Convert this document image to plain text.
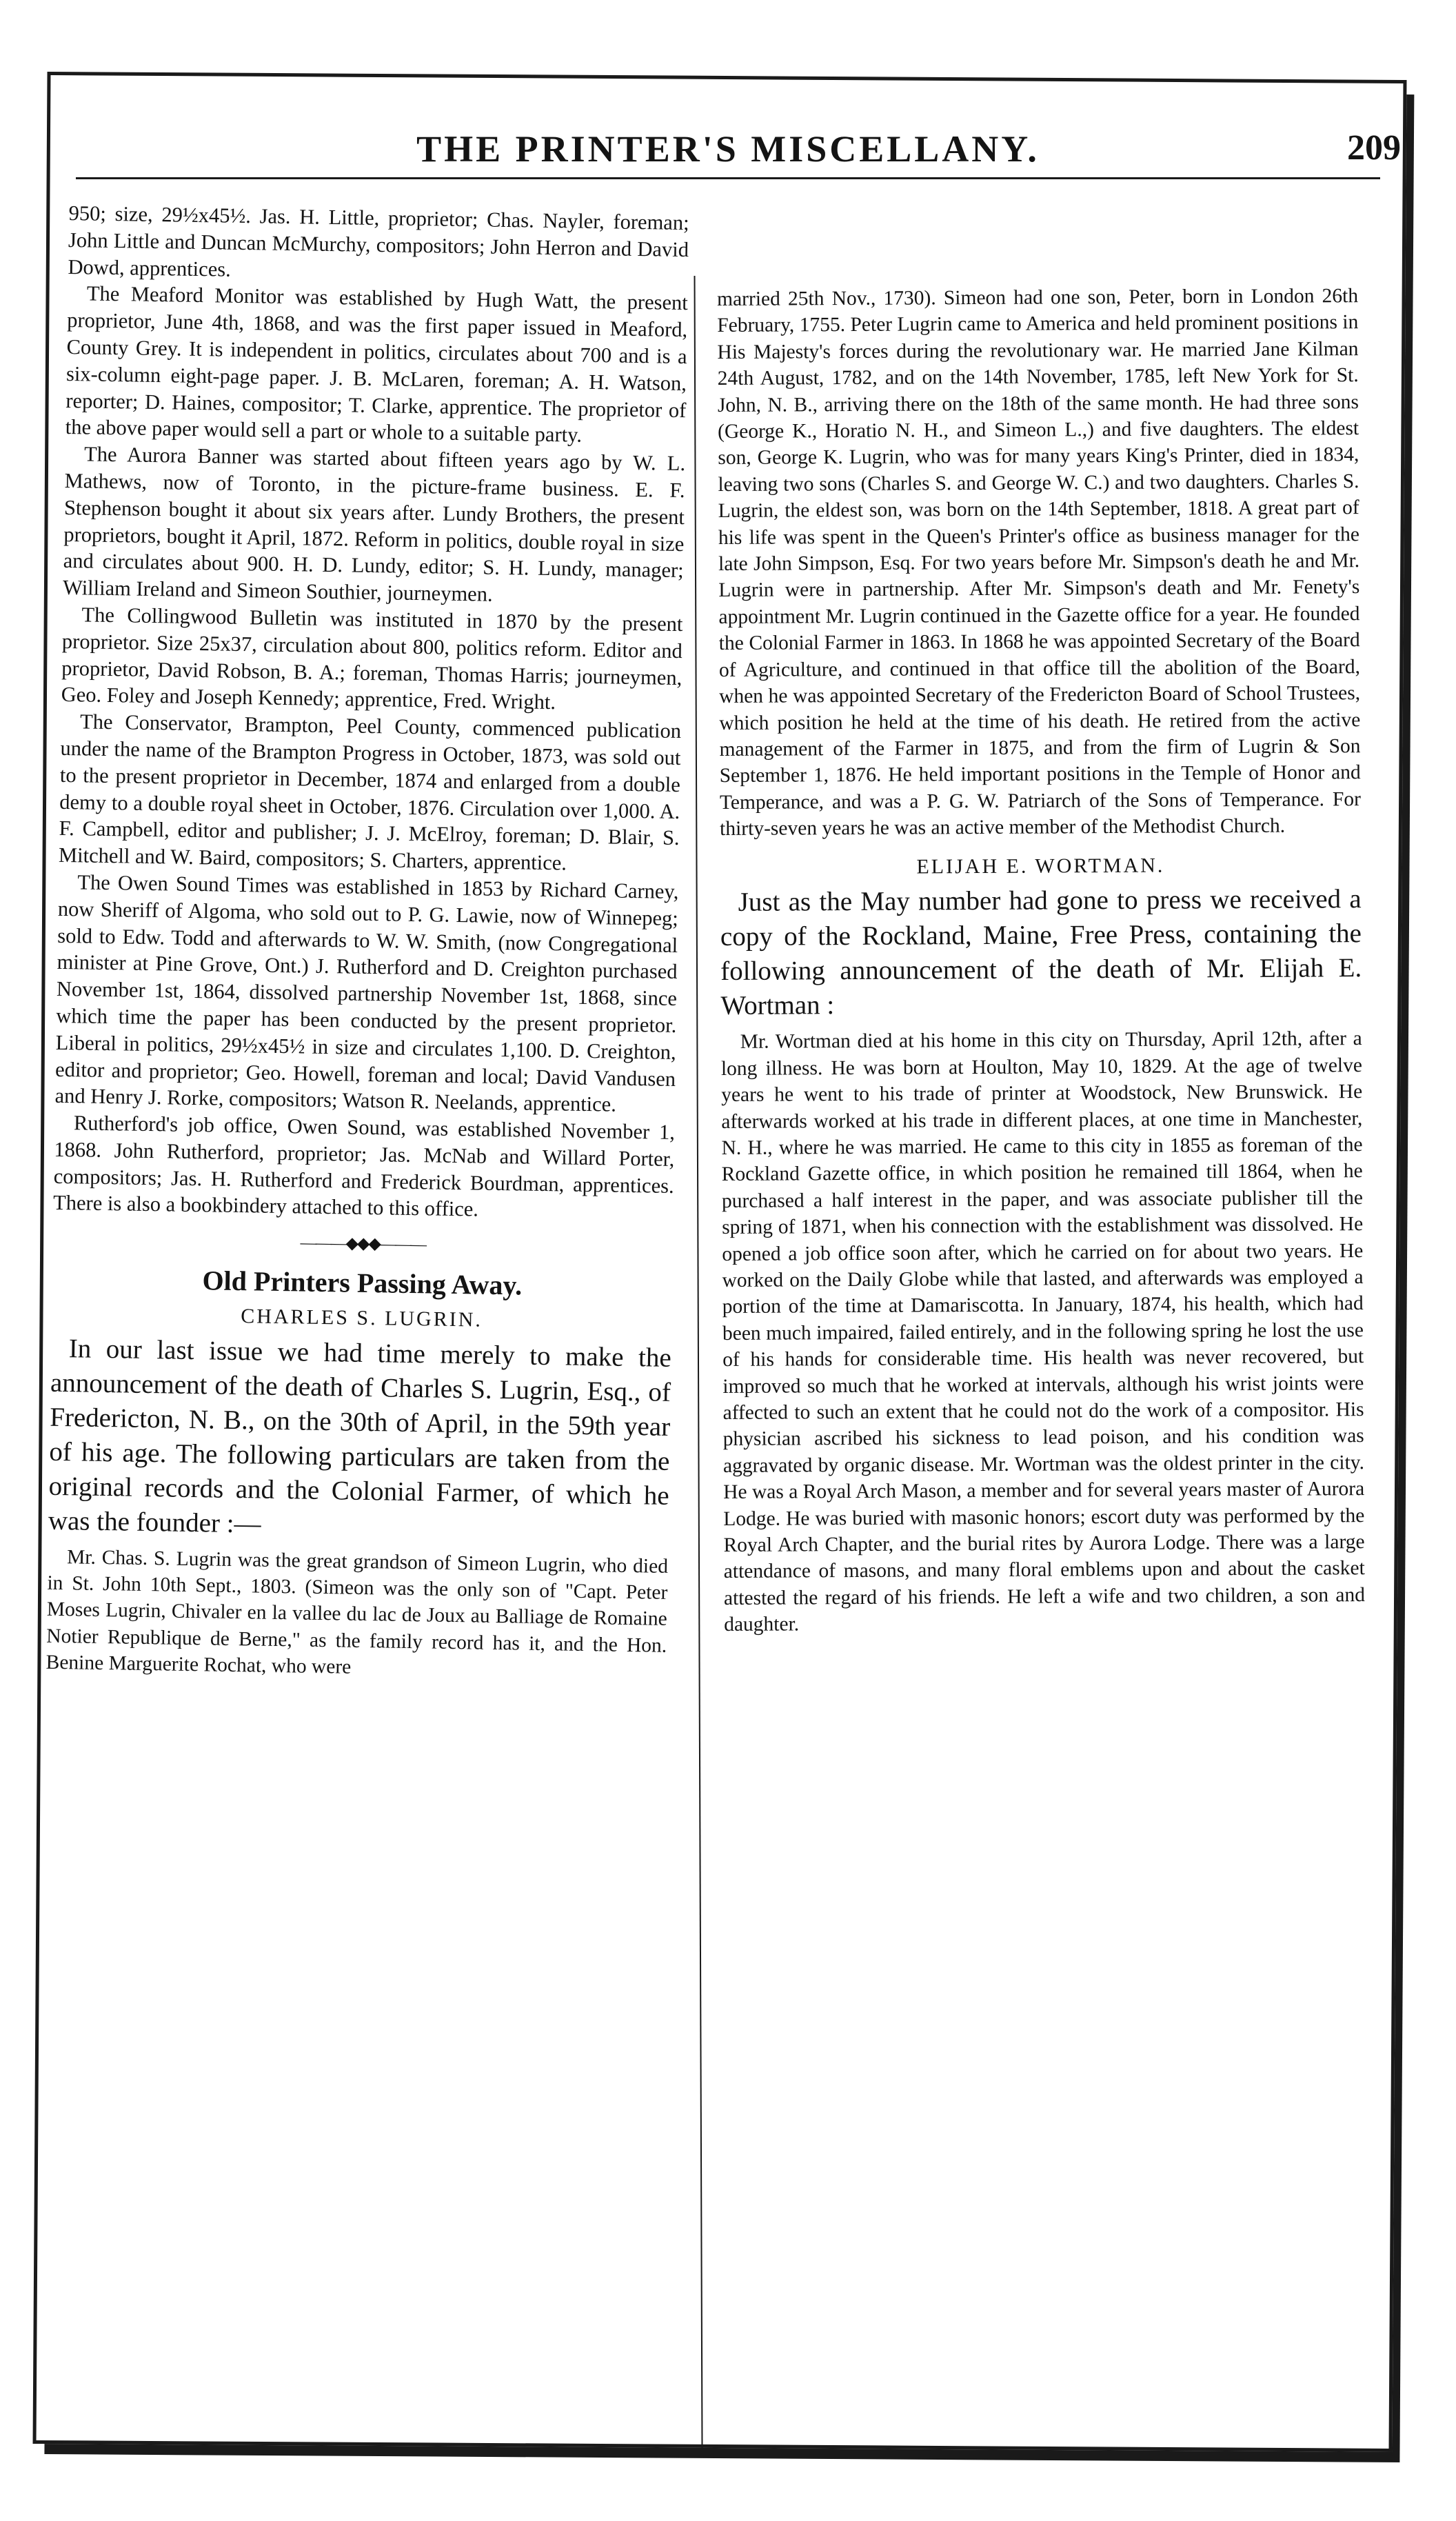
THE PRINTER'S MISCELLANY.	209

950; size, 29½x45½. Jas. H. Little, proprietor; Chas. Nayler, foreman; John Little and Duncan McMurchy, compositors; John Herron and David Dowd, apprentices.

The Meaford Monitor was established by Hugh Watt, the present proprietor, June 4th, 1868, and was the first paper issued in Meaford, County Grey. It is independent in politics, circulates about 700 and is a six-column eight-page paper. J. B. McLaren, foreman; A. H. Watson, reporter; D. Haines, compositor; T. Clarke, apprentice. The proprietor of the above paper would sell a part or whole to a suitable party.

The Aurora Banner was started about fifteen years ago by W. L. Mathews, now of Toronto, in the picture-frame business. E. F. Stephenson bought it about six years after. Lundy Brothers, the present proprietors, bought it April, 1872. Reform in politics, double royal in size and circulates about 900. H. D. Lundy, editor; S. H. Lundy, manager; William Ireland and Simeon Southier, journeymen.

The Collingwood Bulletin was instituted in 1870 by the present proprietor. Size 25x37, circulation about 800, politics reform. Editor and proprietor, David Robson, B. A.; foreman, Thomas Harris; journeymen, Geo. Foley and Joseph Kennedy; apprentice, Fred. Wright.

The Conservator, Brampton, Peel County, commenced publication under the name of the Brampton Progress in October, 1873, was sold out to the present proprietor in December, 1874 and enlarged from a double demy to a double royal sheet in October, 1876. Circulation over 1,000. A. F. Campbell, editor and publisher; J. J. McElroy, foreman; D. Blair, S. Mitchell and W. Baird, compositors; S. Charters, apprentice.

The Owen Sound Times was established in 1853 by Richard Carney, now Sheriff of Algoma, who sold out to P. G. Lawie, now of Winnepeg; sold to Edw. Todd and afterwards to W. W. Smith, (now Congregational minister at Pine Grove, Ont.) J. Rutherford and D. Creighton purchased November 1st, 1864, dissolved partnership November 1st, 1868, since which time the paper has been conducted by the present proprietor. Liberal in politics, 29½x45½ in size and circulates 1,100. D. Creighton, editor and proprietor; Geo. Howell, foreman and local; David Vandusen and Henry J. Rorke, compositors; Watson R. Neelands, apprentice.

Rutherford's job office, Owen Sound, was established November 1, 1868. John Rutherford, proprietor; Jas. McNab and Willard Porter, compositors; Jas. H. Rutherford and Frederick Bourdman, apprentices. There is also a bookbindery attached to this office.

———◆◆◆———
Old Printers Passing Away.

CHARLES S. LUGRIN.

In our last issue we had time merely to make the announcement of the death of Charles S. Lugrin, Esq., of Fredericton, N. B., on the 30th of April, in the 59th year of his age. The following particulars are taken from the original records and the Colonial Farmer, of which he was the founder :—

Mr. Chas. S. Lugrin was the great grandson of Simeon Lugrin, who died in St. John 10th Sept., 1803. (Simeon was the only son of "Capt. Peter Moses Lugrin, Chivaler en la vallee du lac de Joux au Balliage de Romaine Notier Republique de Berne," as the family record has it, and the Hon. Benine Marguerite Rochat, who were

married 25th Nov., 1730). Simeon had one son, Peter, born in London 26th February, 1755. Peter Lugrin came to America and held prominent positions in His Majesty's forces during the revolutionary war. He married Jane Kilman 24th August, 1782, and on the 14th November, 1785, left New York for St. John, N. B., arriving there on the 18th of the same month. He had three sons (George K., Horatio N. H., and Simeon L.,) and five daughters. The eldest son, George K. Lugrin, who was for many years King's Printer, died in 1834, leaving two sons (Charles S. and George W. C.) and two daughters. Charles S. Lugrin, the eldest son, was born on the 14th September, 1818. A great part of his life was spent in the Queen's Printer's office as business manager for the late John Simpson, Esq. For two years before Mr. Simpson's death he and Mr. Lugrin were in partnership. After Mr. Simpson's death and Mr. Fenety's appointment Mr. Lugrin continued in the Gazette office for a year. He founded the Colonial Farmer in 1863. In 1868 he was appointed Secretary of the Board of Agriculture, and continued in that office till the abolition of the Board, when he was appointed Secretary of the Fredericton Board of School Trustees, which position he held at the time of his death. He retired from the active management of the Farmer in 1875, and from the firm of Lugrin & Son September 1, 1876. He held important positions in the Temple of Honor and Temperance, and was a P. G. W. Patriarch of the Sons of Temperance. For thirty-seven years he was an active member of the Methodist Church.

ELIJAH E. WORTMAN.

Just as the May number had gone to press we received a copy of the Rockland, Maine, Free Press, containing the following announcement of the death of Mr. Elijah E. Wortman :

Mr. Wortman died at his home in this city on Thursday, April 12th, after a long illness. He was born at Houlton, May 10, 1829. At the age of twelve years he went to his trade of printer at Woodstock, New Brunswick. He afterwards worked at his trade in different places, at one time in Manchester, N. H., where he was married. He came to this city in 1855 as foreman of the Rockland Gazette office, in which position he remained till 1864, when he purchased a half interest in the paper, and was associate publisher till the spring of 1871, when his connection with the establishment was dissolved. He opened a job office soon after, which he carried on for about two years. He worked on the Daily Globe while that lasted, and afterwards was employed a portion of the time at Damariscotta. In January, 1874, his health, which had been much impaired, failed entirely, and in the following spring he lost the use of his hands for considerable time. His health was never recovered, but improved so much that he worked at intervals, although his wrist joints were affected to such an extent that he could not do the work of a compositor. His physician ascribed his sickness to lead poison, and his condition was aggravated by organic disease. Mr. Wortman was the oldest printer in the city. He was a Royal Arch Mason, a member and for several years master of Aurora Lodge. He was buried with masonic honors; escort duty was performed by the Royal Arch Chapter, and the burial rites by Aurora Lodge. There was a large attendance of masons, and many floral emblems upon and about the casket attested the regard of his friends. He left a wife and two children, a son and daughter.
